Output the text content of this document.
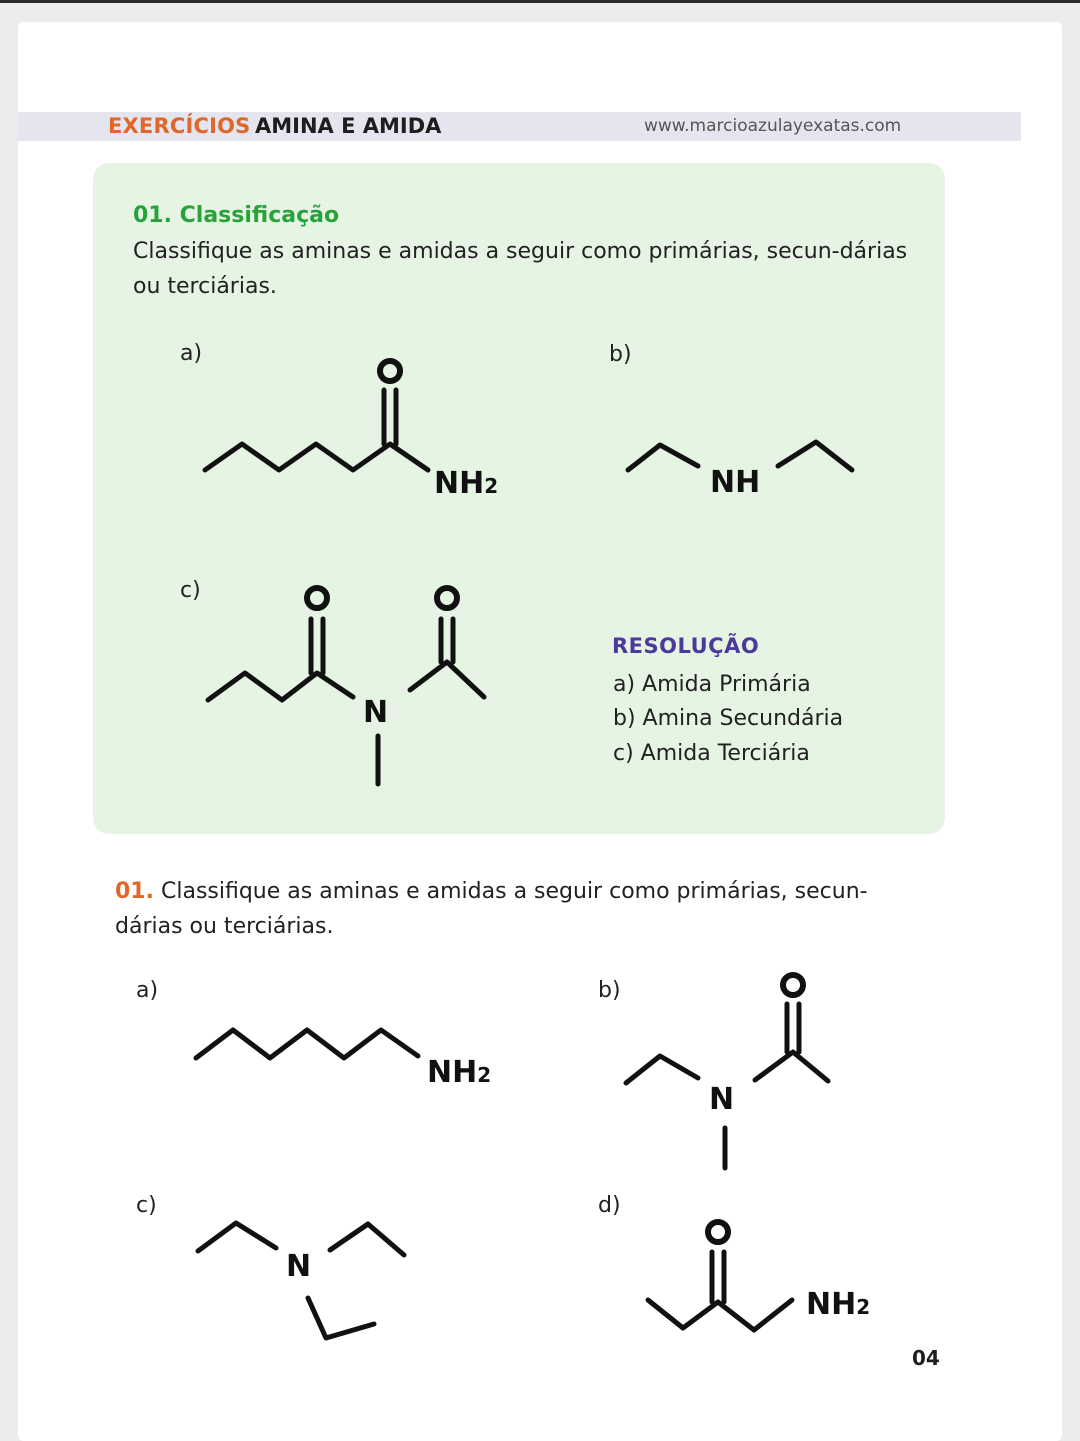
EXERCÍCIOS AMINA E AMIDA	www.marcioazulayexatas.com
01. Classificação
Classifique as aminas e amidas a seguir como primárias, secun-dárias ou terciárias.
a)	b)
c)
RESOLUÇÃO
a) Amida Primária
b) Amina Secundária
c) Amida Terciária
01. Classifique as aminas e amidas a seguir como primárias, secun-dárias ou terciárias.
a)	b)
c)	d)
04
NH2	NH
N
NH2
N
N
NH2
